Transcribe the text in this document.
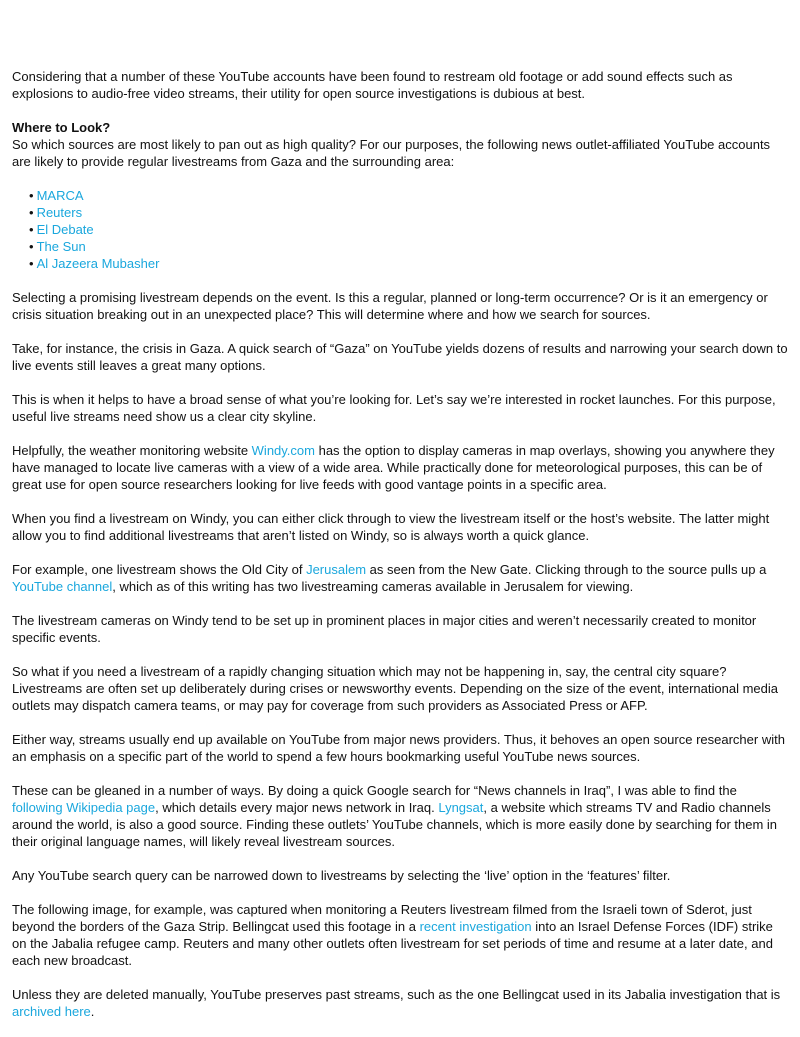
Considering that a number of these YouTube accounts have been found to restream old footage or add sound effects such as explosions to audio-free video streams, their utility for open source investigations is dubious at best.

Where to Look?

So which sources are most likely to pan out as high quality? For our purposes, the following news outlet-affiliated YouTube accounts are likely to provide regular livestreams from Gaza and the surrounding area:

• MARCA
• Reuters
• El Debate
• The Sun
• Al Jazeera Mubasher

Selecting a promising livestream depends on the event. Is this a regular, planned or long-term occurrence? Or is it an emergency or crisis situation breaking out in an unexpected place? This will determine where and how we search for sources.

Take, for instance, the crisis in Gaza. A quick search of “Gaza” on YouTube yields dozens of results and narrowing your search down to live events still leaves a great many options.

This is when it helps to have a broad sense of what you’re looking for. Let’s say we’re interested in rocket launches. For this purpose, useful live streams need show us a clear city skyline.

Helpfully, the weather monitoring website Windy.com has the option to display cameras in map overlays, showing you anywhere they have managed to locate live cameras with a view of a wide area. While practically done for meteorological purposes, this can be of great use for open source researchers looking for live feeds with good vantage points in a specific area.

When you find a livestream on Windy, you can either click through to view the livestream itself or the host’s website. The latter might allow you to find additional livestreams that aren’t listed on Windy, so is always worth a quick glance.

For example, one livestream shows the Old City of Jerusalem as seen from the New Gate. Clicking through to the source pulls up a YouTube channel, which as of this writing has two livestreaming cameras available in Jerusalem for viewing.

The livestream cameras on Windy tend to be set up in prominent places in major cities and weren’t necessarily created to monitor specific events.

So what if you need a livestream of a rapidly changing situation which may not be happening in, say, the central city square? Livestreams are often set up deliberately during crises or newsworthy events. Depending on the size of the event, international media outlets may dispatch camera teams, or may pay for coverage from such providers as Associated Press or AFP.

Either way, streams usually end up available on YouTube from major news providers. Thus, it behoves an open source researcher with an emphasis on a specific part of the world to spend a few hours bookmarking useful YouTube news sources.

These can be gleaned in a number of ways. By doing a quick Google search for “News channels in Iraq”, I was able to find the following Wikipedia page, which details every major news network in Iraq. Lyngsat, a website which streams TV and Radio channels around the world, is also a good source. Finding these outlets’ YouTube channels, which is more easily done by searching for them in their original language names, will likely reveal livestream sources.

Any YouTube search query can be narrowed down to livestreams by selecting the ‘live’ option in the ‘features’ filter.

The following image, for example, was captured when monitoring a Reuters livestream filmed from the Israeli town of Sderot, just beyond the borders of the Gaza Strip. Bellingcat used this footage in a recent investigation into an Israel Defense Forces (IDF) strike on the Jabalia refugee camp. Reuters and many other outlets often livestream for set periods of time and resume at a later date, and each new broadcast.

Unless they are deleted manually, YouTube preserves past streams, such as the one Bellingcat used in its Jabalia investigation that is archived here.
